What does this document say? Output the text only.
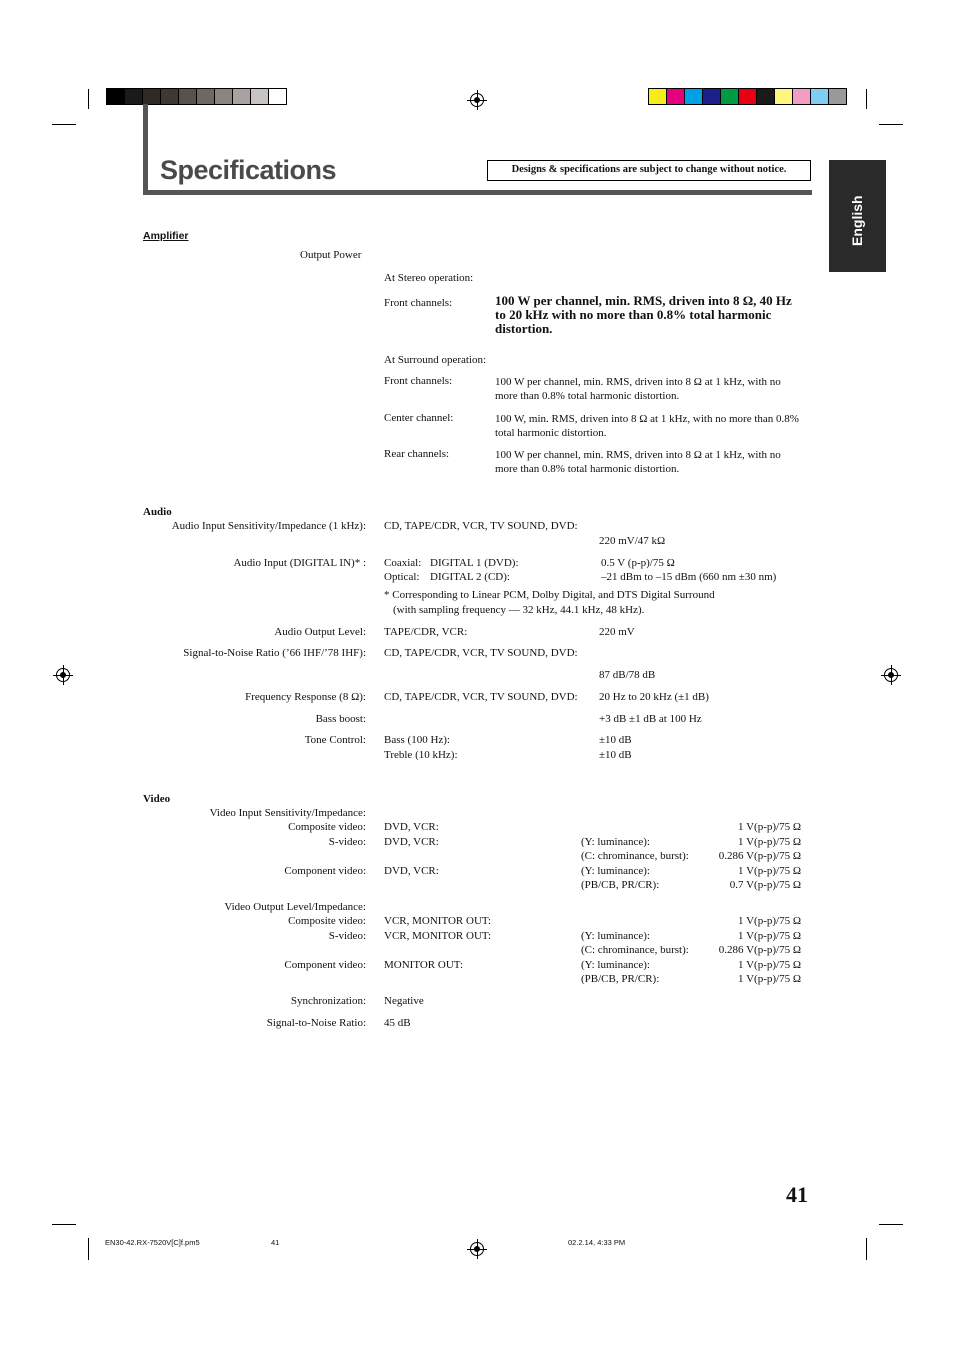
Specifications	Designs & specifications are subject to change without notice.
English
Amplifier
Output Power
At Stereo operation:
Front channels:	100 W per channel, min. RMS, driven into 8 Ω, 40 Hz to 20 kHz with no more than 0.8% total harmonic distortion.
At Surround operation:
Front channels:	100 W per channel, min. RMS, driven into 8 Ω at 1 kHz, with no more than 0.8% total harmonic distortion.
Center channel:	100 W, min. RMS, driven into 8 Ω at 1 kHz, with no more than 0.8% total harmonic distortion.
Rear channels:	100 W per channel, min. RMS, driven into 8 Ω at 1 kHz, with no more than 0.8% total harmonic distortion.
Audio
Audio Input Sensitivity/Impedance (1 kHz): CD, TAPE/CDR, VCR, TV SOUND, DVD:
220 mV/47 kΩ
Audio Input (DIGITAL IN)* : Coaxial: DIGITAL 1 (DVD):	0.5 V (p-p)/75 Ω
Optical: DIGITAL 2 (CD):	–21 dBm to –15 dBm (660 nm ±30 nm)
* Corresponding to Linear PCM, Dolby Digital, and DTS Digital Surround
(with sampling frequency — 32 kHz, 44.1 kHz, 48 kHz).
Audio Output Level: TAPE/CDR, VCR:	220 mV
Signal-to-Noise Ratio (’66 IHF/’78 IHF): CD, TAPE/CDR, VCR, TV SOUND, DVD:
87 dB/78 dB
Frequency Response (8 Ω): CD, TAPE/CDR, VCR, TV SOUND, DVD: 20 Hz to 20 kHz (±1 dB)
Bass boost:	+3 dB ±1 dB at 100 Hz
Tone Control: Bass (100 Hz):	±10 dB
Treble (10 kHz):	±10 dB
Video
Video Input Sensitivity/Impedance:
Composite video: DVD, VCR:	1 V(p-p)/75 Ω
S-video: DVD, VCR:	(Y: luminance):	1 V(p-p)/75 Ω
(C: chrominance, burst):	0.286 V(p-p)/75 Ω
Component video: DVD, VCR:	(Y: luminance):	1 V(p-p)/75 Ω
(PB/CB, PR/CR):	0.7 V(p-p)/75 Ω
Video Output Level/Impedance:
Composite video: VCR, MONITOR OUT:	1 V(p-p)/75 Ω
S-video: VCR, MONITOR OUT:	(Y: luminance):	1 V(p-p)/75 Ω
(C: chrominance, burst):	0.286 V(p-p)/75 Ω
Component video: MONITOR OUT:	(Y: luminance):	1 V(p-p)/75 Ω
(PB/CB, PR/CR):	1 V(p-p)/75 Ω
Synchronization: Negative
Signal-to-Noise Ratio: 45 dB
41
EN30-42.RX-7520V[C]f.pm5	41	02.2.14, 4:33 PM
